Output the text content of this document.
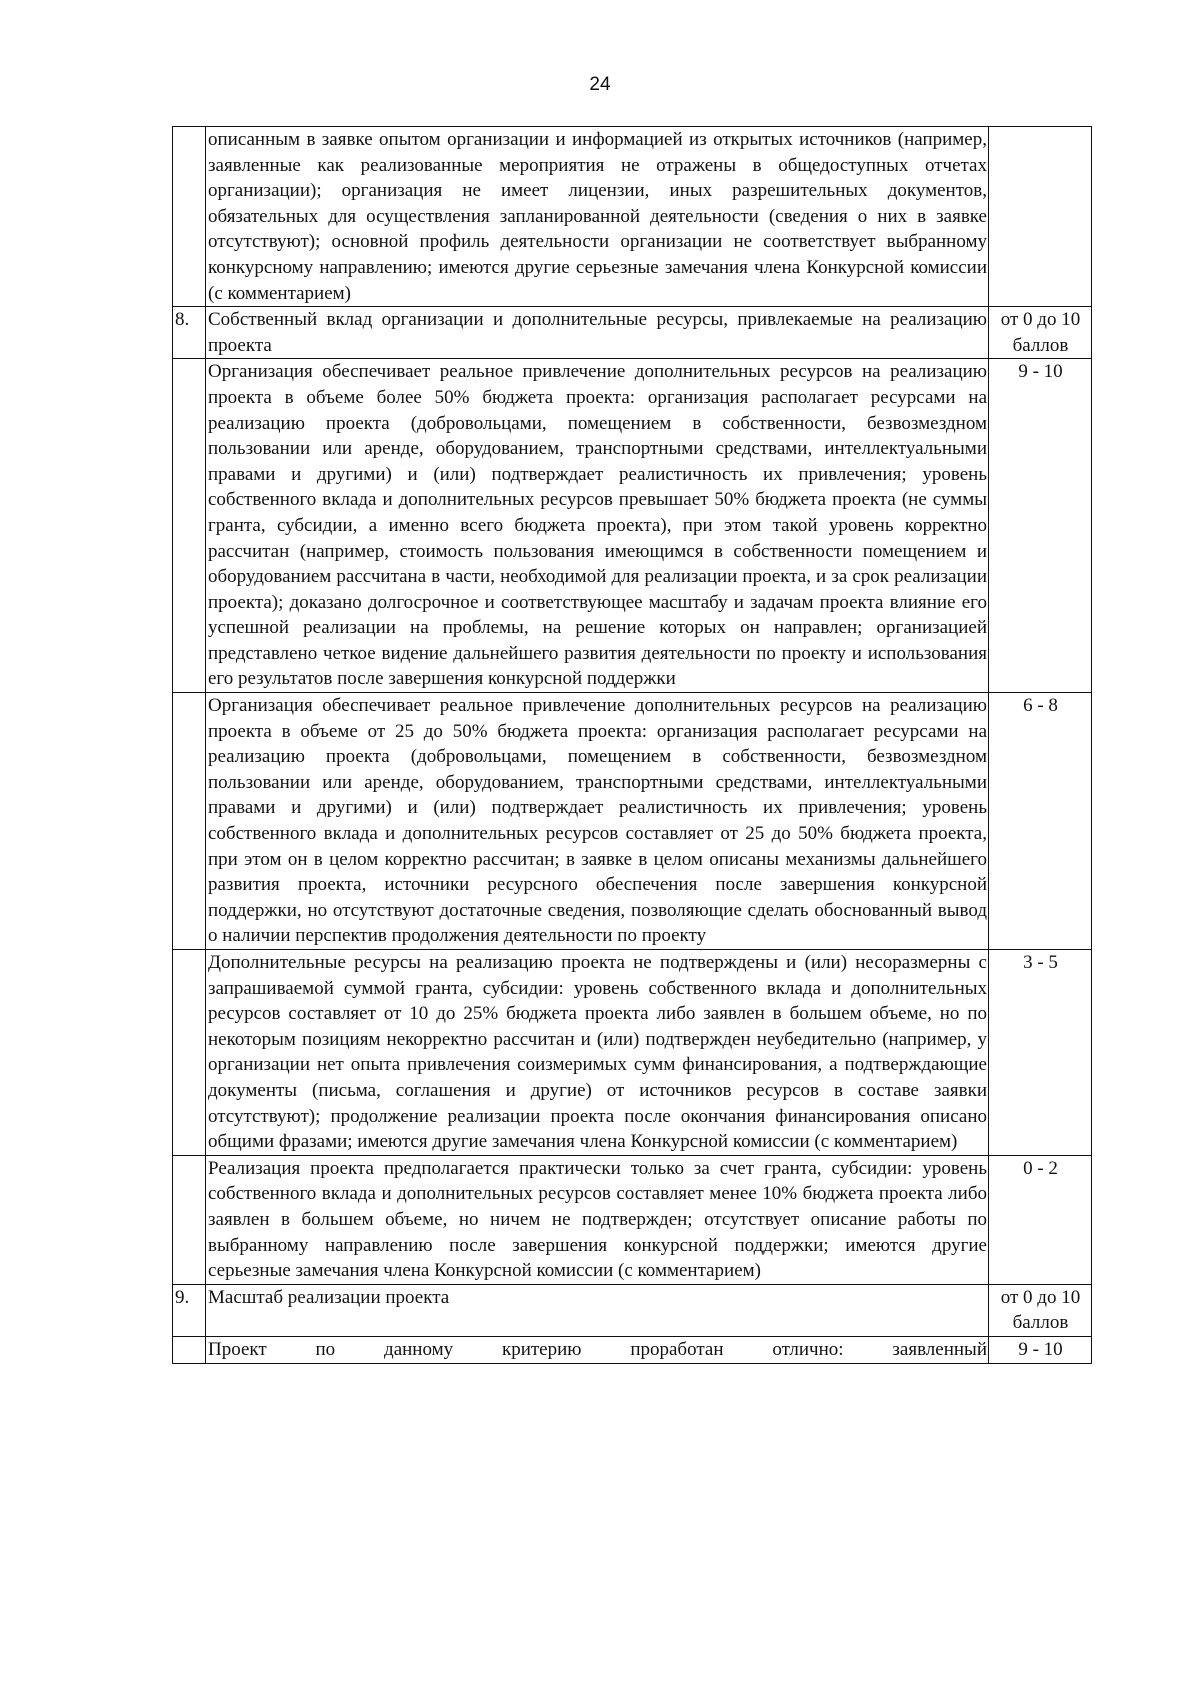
24
	описанным в заявке опытом организации и информацией из открытых источников (например, заявленные как реализованные мероприятия не отражены в общедоступных отчетах организации); организация не имеет лицензии, иных разрешительных документов, обязательных для осуществления запланированной деятельности (сведения о них в заявке отсутствуют); основной профиль деятельности организации не соответствует выбранному конкурсному направлению; имеются другие серьезные замечания члена Конкурсной комиссии (с комментарием)	
8.	Собственный вклад организации и дополнительные ресурсы, привлекаемые на реализацию проекта	от 0 до 10 баллов
	Организация обеспечивает реальное привлечение дополнительных ресурсов на реализацию проекта в объеме более 50% бюджета проекта: организация располагает ресурсами на реализацию проекта (добровольцами, помещением в собственности, безвозмездном пользовании или аренде, оборудованием, транспортными средствами, интеллектуальными правами и другими) и (или) подтверждает реалистичность их привлечения; уровень собственного вклада и дополнительных ресурсов превышает 50% бюджета проекта (не суммы гранта, субсидии, а именно всего бюджета проекта), при этом такой уровень корректно рассчитан (например, стоимость пользования имеющимся в собственности помещением и оборудованием рассчитана в части, необходимой для реализации проекта, и за срок реализации проекта); доказано долгосрочное и соответствующее масштабу и задачам проекта влияние его успешной реализации на проблемы, на решение которых он направлен; организацией представлено четкое видение дальнейшего развития деятельности по проекту и использования его результатов после завершения конкурсной поддержки	9 - 10
	Организация обеспечивает реальное привлечение дополнительных ресурсов на реализацию проекта в объеме от 25 до 50% бюджета проекта: организация располагает ресурсами на реализацию проекта (добровольцами, помещением в собственности, безвозмездном пользовании или аренде, оборудованием, транспортными средствами, интеллектуальными правами и другими) и (или) подтверждает реалистичность их привлечения; уровень собственного вклада и дополнительных ресурсов составляет от 25 до 50% бюджета проекта, при этом он в целом корректно рассчитан; в заявке в целом описаны механизмы дальнейшего развития проекта, источники ресурсного обеспечения после завершения конкурсной поддержки, но отсутствуют достаточные сведения, позволяющие сделать обоснованный вывод о наличии перспектив продолжения деятельности по проекту	6 - 8
	Дополнительные ресурсы на реализацию проекта не подтверждены и (или) несоразмерны с запрашиваемой суммой гранта, субсидии: уровень собственного вклада и дополнительных ресурсов составляет от 10 до 25% бюджета проекта либо заявлен в большем объеме, но по некоторым позициям некорректно рассчитан и (или) подтвержден неубедительно (например, у организации нет опыта привлечения соизмеримых сумм финансирования, а подтверждающие документы (письма, соглашения и другие) от источников ресурсов в составе заявки отсутствуют); продолжение реализации проекта после окончания финансирования описано общими фразами; имеются другие замечания члена Конкурсной комиссии (с комментарием)	3 - 5
	Реализация проекта предполагается практически только за счет гранта, субсидии: уровень собственного вклада и дополнительных ресурсов составляет менее 10% бюджета проекта либо заявлен в большем объеме, но ничем не подтвержден; отсутствует описание работы по выбранному направлению после завершения конкурсной поддержки; имеются другие серьезные замечания члена Конкурсной комиссии (с комментарием)	0 - 2
9.	Масштаб реализации проекта	от 0 до 10 баллов
	Проект по данному критерию проработан отлично: заявленный	9 - 10
